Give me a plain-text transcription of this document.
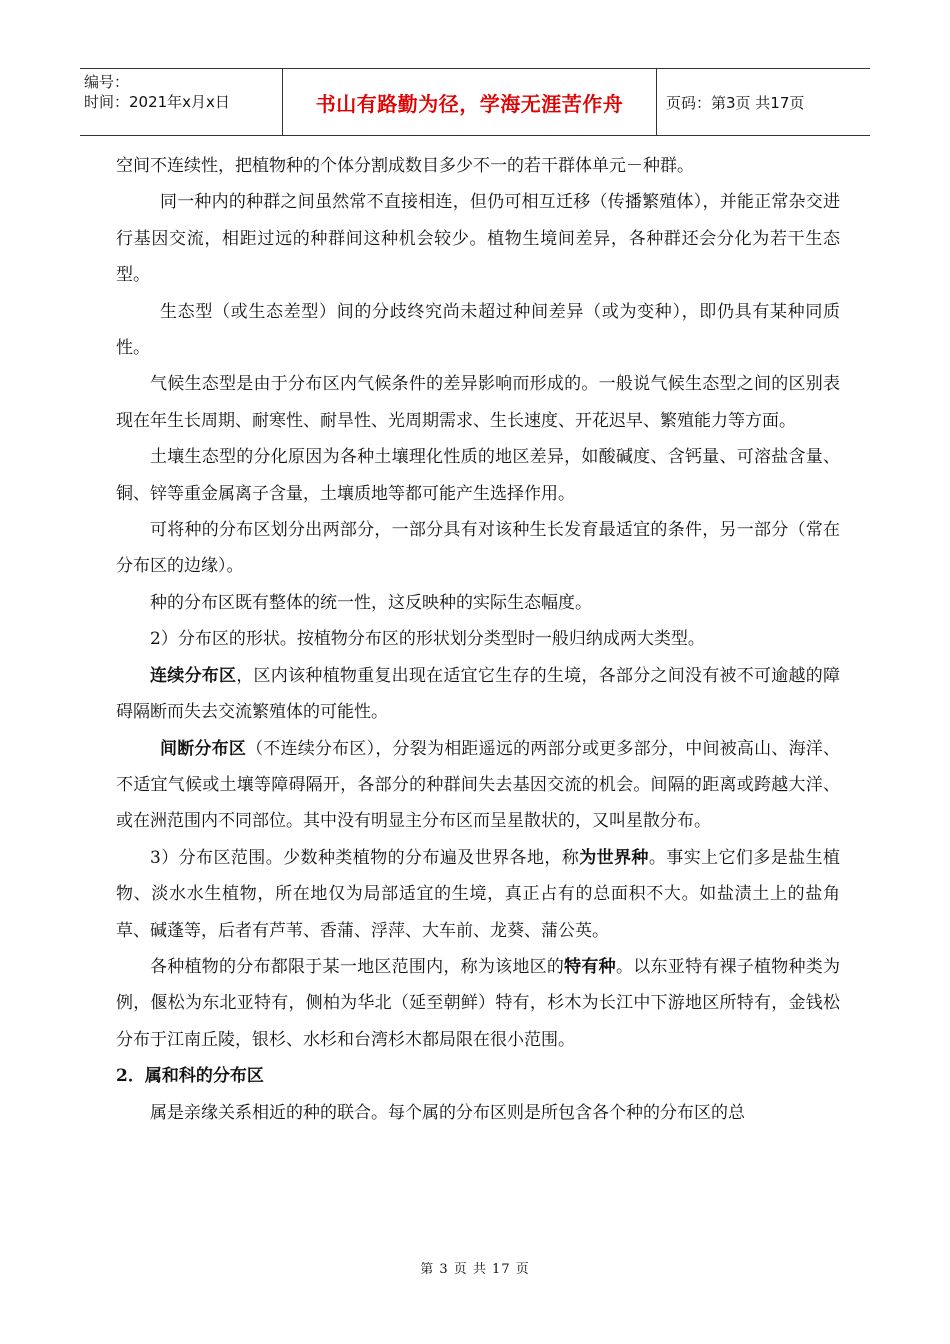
编号：
时间：2021年x月x日	书山有路勤为径，学海无涯苦作舟	页码：第3页 共17页

空间不连续性，把植物种的个体分割成数目多少不一的若干群体单元－种群。

同一种内的种群之间虽然常不直接相连，但仍可相互迁移（传播繁殖体），并能正常杂交进行基因交流，相距过远的种群间这种机会较少。植物生境间差异，各种群还会分化为若干生态型。

生态型（或生态差型）间的分歧终究尚未超过种间差异（或为变种），即仍具有某种同质性。

气候生态型是由于分布区内气候条件的差异影响而形成的。一般说气候生态型之间的区别表现在年生长周期、耐寒性、耐旱性、光周期需求、生长速度、开花迟早、繁殖能力等方面。

土壤生态型的分化原因为各种土壤理化性质的地区差异，如酸碱度、含钙量、可溶盐含量、铜、锌等重金属离子含量，土壤质地等都可能产生选择作用。

可将种的分布区划分出两部分，一部分具有对该种生长发育最适宜的条件，另一部分（常在分布区的边缘）。

种的分布区既有整体的统一性，这反映种的实际生态幅度。

2）分布区的形状。按植物分布区的形状划分类型时一般归纳成两大类型。

连续分布区，区内该种植物重复出现在适宜它生存的生境，各部分之间没有被不可逾越的障碍隔断而失去交流繁殖体的可能性。

间断分布区（不连续分布区），分裂为相距遥远的两部分或更多部分，中间被高山、海洋、不适宜气候或土壤等障碍隔开，各部分的种群间失去基因交流的机会。间隔的距离或跨越大洋、或在洲范围内不同部位。其中没有明显主分布区而呈星散状的，又叫星散分布。

3）分布区范围。少数种类植物的分布遍及世界各地，称为世界种。事实上它们多是盐生植物、淡水水生植物，所在地仅为局部适宜的生境，真正占有的总面积不大。如盐渍土上的盐角草、碱蓬等，后者有芦苇、香蒲、浮萍、大车前、龙葵、蒲公英。

各种植物的分布都限于某一地区范围内，称为该地区的特有种。以东亚特有裸子植物种类为例，偃松为东北亚特有，侧柏为华北（延至朝鲜）特有，杉木为长江中下游地区所特有，金钱松分布于江南丘陵，银杉、水杉和台湾杉木都局限在很小范围。

2．属和科的分布区

属是亲缘关系相近的种的联合。每个属的分布区则是所包含各个种的分布区的总

第 3 页 共 17 页
